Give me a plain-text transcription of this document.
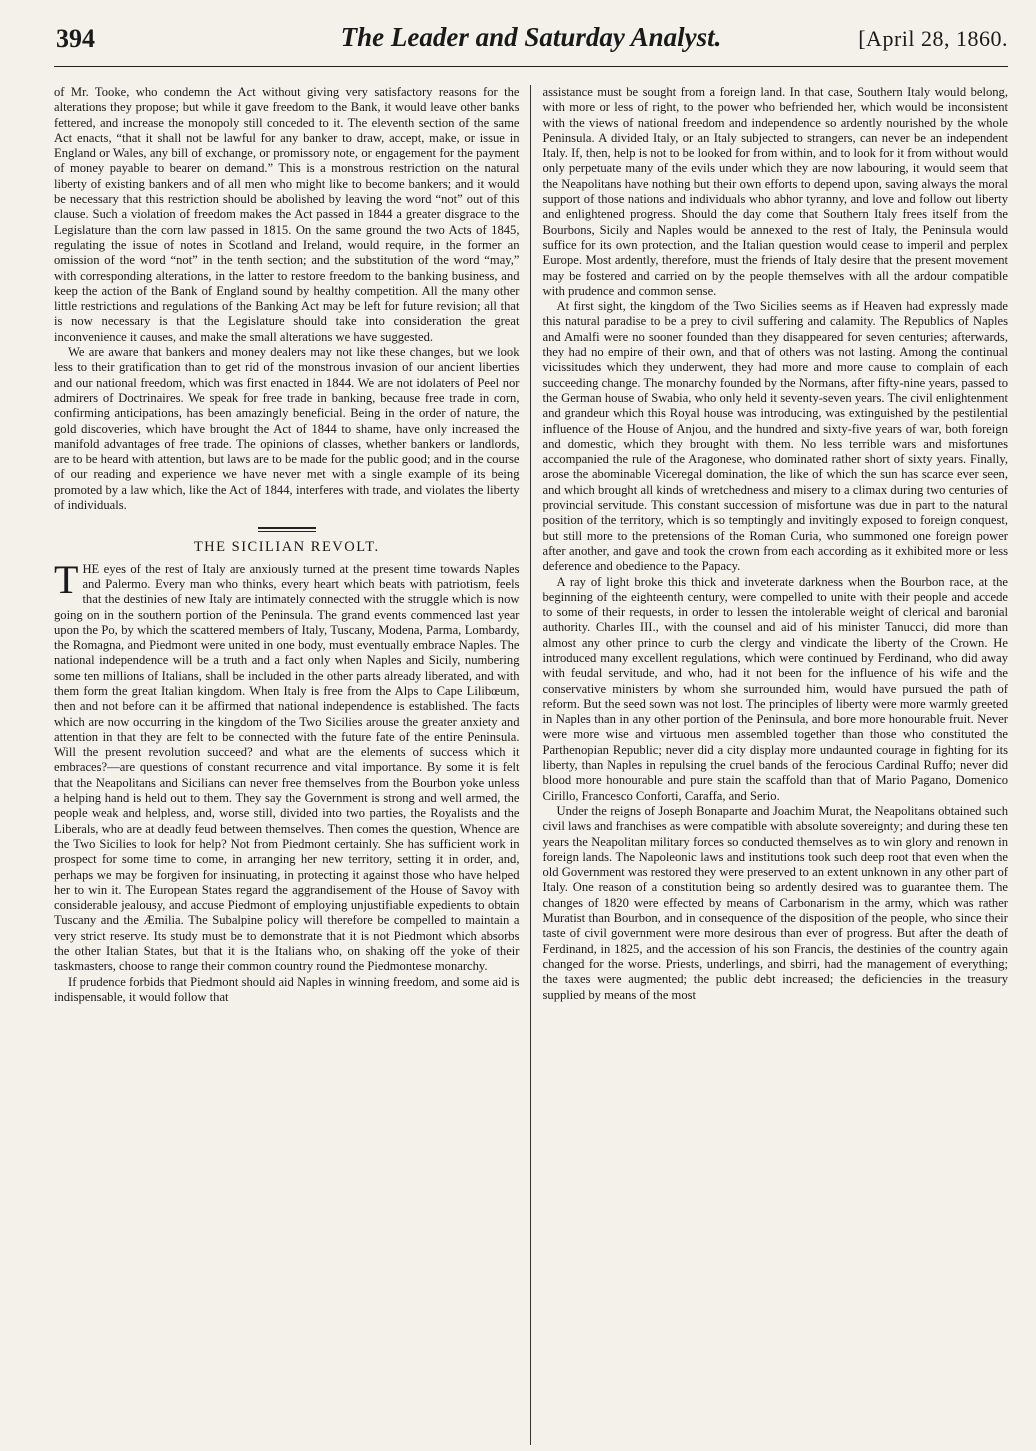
394	The Leader and Saturday Analyst.	[April 28, 1860.

of Mr. Tooke, who condemn the Act without giving very satisfactory reasons for the alterations they propose; but while it gave freedom to the Bank, it would leave other banks fettered, and increase the monopoly still conceded to it. The eleventh section of the same Act enacts, “that it shall not be lawful for any banker to draw, accept, make, or issue in England or Wales, any bill of exchange, or promissory note, or engagement for the payment of money payable to bearer on demand.” This is a monstrous restriction on the natural liberty of existing bankers and of all men who might like to become bankers; and it would be necessary that this restriction should be abolished by leaving the word “not” out of this clause. Such a violation of freedom makes the Act passed in 1844 a greater disgrace to the Legislature than the corn law passed in 1815. On the same ground the two Acts of 1845, regulating the issue of notes in Scotland and Ireland, would require, in the former an omission of the word “not” in the tenth section; and the substitution of the word “may,” with corresponding alterations, in the latter to restore freedom to the banking business, and keep the action of the Bank of England sound by healthy competition. All the many other little restrictions and regulations of the Banking Act may be left for future revision; all that is now necessary is that the Legislature should take into consideration the great inconvenience it causes, and make the small alterations we have suggested.

We are aware that bankers and money dealers may not like these changes, but we look less to their gratification than to get rid of the monstrous invasion of our ancient liberties and our national freedom, which was first enacted in 1844. We are not idolaters of Peel nor admirers of Doctrinaires. We speak for free trade in banking, because free trade in corn, confirming anticipations, has been amazingly beneficial. Being in the order of nature, the gold discoveries, which have brought the Act of 1844 to shame, have only increased the manifold advantages of free trade. The opinions of classes, whether bankers or landlords, are to be heard with attention, but laws are to be made for the public good; and in the course of our reading and experience we have never met with a single example of its being promoted by a law which, like the Act of 1844, interferes with trade, and violates the liberty of individuals.

THE SICILIAN REVOLT.

THE eyes of the rest of Italy are anxiously turned at the present time towards Naples and Palermo. Every man who thinks, every heart which beats with patriotism, feels that the destinies of new Italy are intimately connected with the struggle which is now going on in the southern portion of the Peninsula. The grand events commenced last year upon the Po, by which the scattered members of Italy, Tuscany, Modena, Parma, Lombardy, the Romagna, and Piedmont were united in one body, must eventually embrace Naples. The national independence will be a truth and a fact only when Naples and Sicily, numbering some ten millions of Italians, shall be included in the other parts already liberated, and with them form the great Italian kingdom. When Italy is free from the Alps to Cape Lilibœum, then and not before can it be affirmed that national independence is established. The facts which are now occurring in the kingdom of the Two Sicilies arouse the greater anxiety and attention in that they are felt to be connected with the future fate of the entire Peninsula. Will the present revolution succeed? and what are the elements of success which it embraces?—are questions of constant recurrence and vital importance. By some it is felt that the Neapolitans and Sicilians can never free themselves from the Bourbon yoke unless a helping hand is held out to them. They say the Government is strong and well armed, the people weak and helpless, and, worse still, divided into two parties, the Royalists and the Liberals, who are at deadly feud between themselves. Then comes the question, Whence are the Two Sicilies to look for help? Not from Piedmont certainly. She has sufficient work in prospect for some time to come, in arranging her new territory, setting it in order, and, perhaps we may be forgiven for insinuating, in protecting it against those who have helped her to win it. The European States regard the aggrandisement of the House of Savoy with considerable jealousy, and accuse Piedmont of employing unjustifiable expedients to obtain Tuscany and the Æmilia. The Subalpine policy will therefore be compelled to maintain a very strict reserve. Its study must be to demonstrate that it is not Piedmont which absorbs the other Italian States, but that it is the Italians who, on shaking off the yoke of their taskmasters, choose to range their common country round the Piedmontese monarchy.

If prudence forbids that Piedmont should aid Naples in winning freedom, and some aid is indispensable, it would follow that

assistance must be sought from a foreign land. In that case, Southern Italy would belong, with more or less of right, to the power who befriended her, which would be inconsistent with the views of national freedom and independence so ardently nourished by the whole Peninsula. A divided Italy, or an Italy subjected to strangers, can never be an independent Italy. If, then, help is not to be looked for from within, and to look for it from without would only perpetuate many of the evils under which they are now labouring, it would seem that the Neapolitans have nothing but their own efforts to depend upon, saving always the moral support of those nations and individuals who abhor tyranny, and love and follow out liberty and enlightened progress. Should the day come that Southern Italy frees itself from the Bourbons, Sicily and Naples would be annexed to the rest of Italy, the Peninsula would suffice for its own protection, and the Italian question would cease to imperil and perplex Europe. Most ardently, therefore, must the friends of Italy desire that the present movement may be fostered and carried on by the people themselves with all the ardour compatible with prudence and common sense.

At first sight, the kingdom of the Two Sicilies seems as if Heaven had expressly made this natural paradise to be a prey to civil suffering and calamity. The Republics of Naples and Amalfi were no sooner founded than they disappeared for seven centuries; afterwards, they had no empire of their own, and that of others was not lasting. Among the continual vicissitudes which they underwent, they had more and more cause to complain of each succeeding change. The monarchy founded by the Normans, after fifty-nine years, passed to the German house of Swabia, who only held it seventy-seven years. The civil enlightenment and grandeur which this Royal house was introducing, was extinguished by the pestilential influence of the House of Anjou, and the hundred and sixty-five years of war, both foreign and domestic, which they brought with them. No less terrible wars and misfortunes accompanied the rule of the Aragonese, who dominated rather short of sixty years. Finally, arose the abominable Viceregal domination, the like of which the sun has scarce ever seen, and which brought all kinds of wretchedness and misery to a climax during two centuries of provincial servitude. This constant succession of misfortune was due in part to the natural position of the territory, which is so temptingly and invitingly exposed to foreign conquest, but still more to the pretensions of the Roman Curia, who summoned one foreign power after another, and gave and took the crown from each according as it exhibited more or less deference and obedience to the Papacy.

A ray of light broke this thick and inveterate darkness when the Bourbon race, at the beginning of the eighteenth century, were compelled to unite with their people and accede to some of their requests, in order to lessen the intolerable weight of clerical and baronial authority. Charles III., with the counsel and aid of his minister Tanucci, did more than almost any other prince to curb the clergy and vindicate the liberty of the Crown. He introduced many excellent regulations, which were continued by Ferdinand, who did away with feudal servitude, and who, had it not been for the influence of his wife and the conservative ministers by whom she surrounded him, would have pursued the path of reform. But the seed sown was not lost. The principles of liberty were more warmly greeted in Naples than in any other portion of the Peninsula, and bore more honourable fruit. Never were more wise and virtuous men assembled together than those who constituted the Parthenopian Republic; never did a city display more undaunted courage in fighting for its liberty, than Naples in repulsing the cruel bands of the ferocious Cardinal Ruffo; never did blood more honourable and pure stain the scaffold than that of Mario Pagano, Domenico Cirillo, Francesco Conforti, Caraffa, and Serio.

Under the reigns of Joseph Bonaparte and Joachim Murat, the Neapolitans obtained such civil laws and franchises as were compatible with absolute sovereignty; and during these ten years the Neapolitan military forces so conducted themselves as to win glory and renown in foreign lands. The Napoleonic laws and institutions took such deep root that even when the old Government was restored they were preserved to an extent unknown in any other part of Italy. One reason of a constitution being so ardently desired was to guarantee them. The changes of 1820 were effected by means of Carbonarism in the army, which was rather Muratist than Bourbon, and in consequence of the disposition of the people, who since their taste of civil government were more desirous than ever of progress. But after the death of Ferdinand, in 1825, and the accession of his son Francis, the destinies of the country again changed for the worse. Priests, underlings, and sbirri, had the management of everything; the taxes were augmented; the public debt increased; the deficiencies in the treasury supplied by means of the most
